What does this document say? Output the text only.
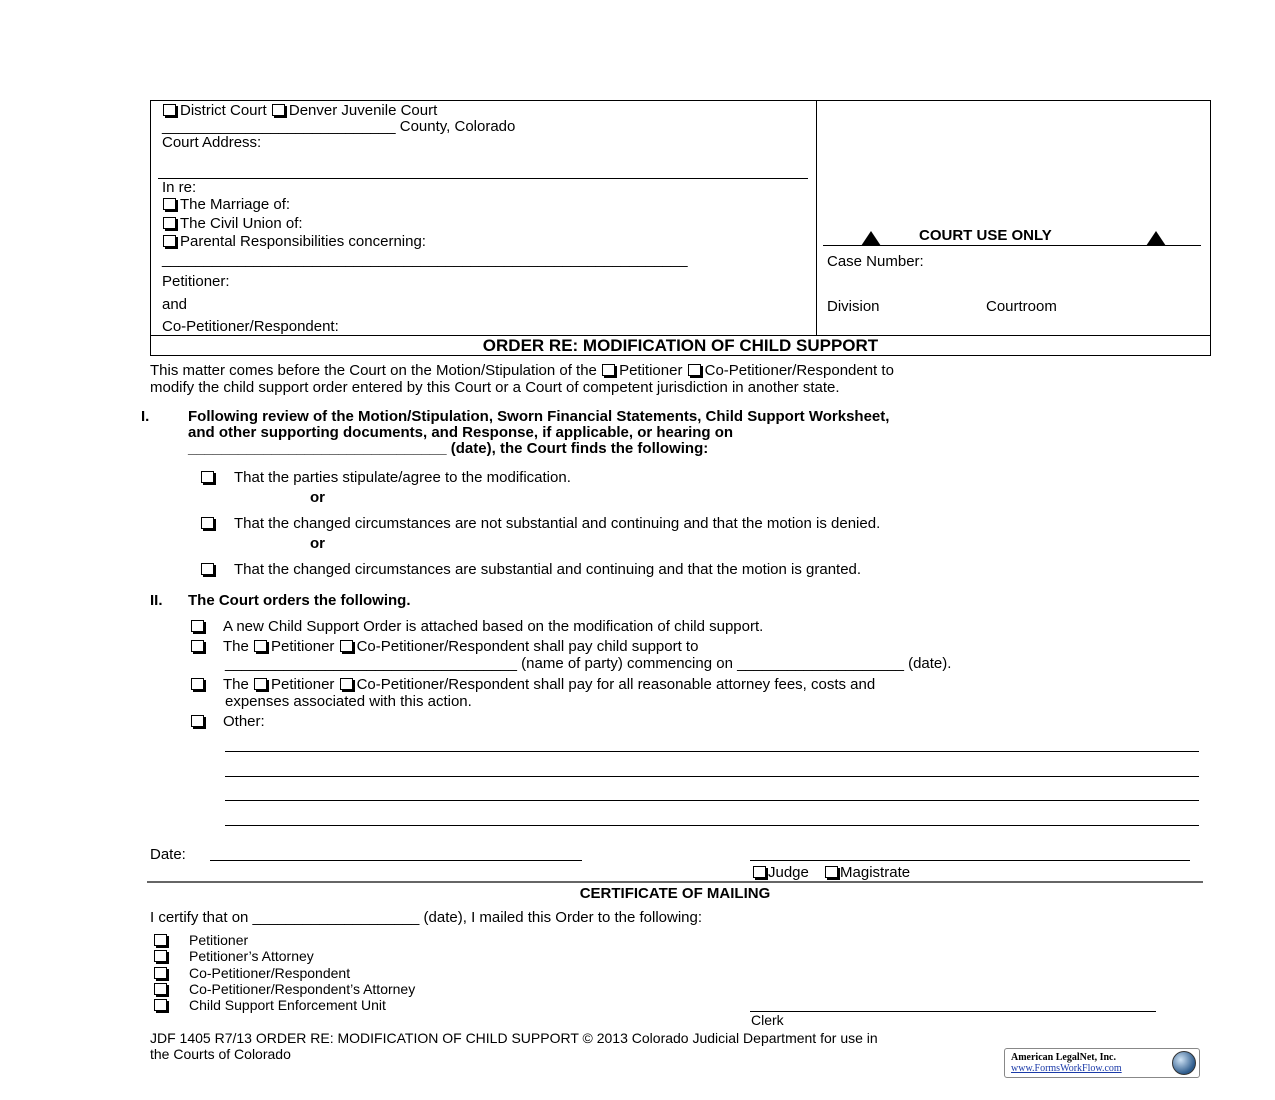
District Court Denver Juvenile Court
____________________________ County, Colorado
Court Address:
In re:
The Marriage of:
The Civil Union of:
Parental Responsibilities concerning:
_______________________________________________________________
Petitioner:
and
Co-Petitioner/Respondent:
COURT USE ONLY
Case Number:
Division	Courtroom
ORDER RE: MODIFICATION OF CHILD SUPPORT
This matter comes before the Court on the Motion/Stipulation of the Petitioner Co-Petitioner/Respondent to
modify the child support order entered by this Court or a Court of competent jurisdiction in another state.
I.	Following review of the Motion/Stipulation, Sworn Financial Statements, Child Support Worksheet,
and other supporting documents, and Response, if applicable, or hearing on
_______________________________ (date), the Court finds the following:
That the parties stipulate/agree to the modification.
or
That the changed circumstances are not substantial and continuing and that the motion is denied.
or
That the changed circumstances are substantial and continuing and that the motion is granted.
II. The Court orders the following.
A new Child Support Order is attached based on the modification of child support.
The Petitioner Co-Petitioner/Respondent shall pay child support to
___________________________________ (name of party) commencing on ____________________ (date).
The Petitioner Co-Petitioner/Respondent shall pay for all reasonable attorney fees, costs and
expenses associated with this action.
Other:
Date:
Judge Magistrate
CERTIFICATE OF MAILING
I certify that on ____________________ (date), I mailed this Order to the following:
Petitioner
Petitioner’s Attorney
Co-Petitioner/Respondent
Co-Petitioner/Respondent’s Attorney
Child Support Enforcement Unit
Clerk
JDF 1405 R7/13 ORDER RE: MODIFICATION OF CHILD SUPPORT © 2013 Colorado Judicial Department for use in
the Courts of Colorado	American LegalNet, Inc.
www.FormsWorkFlow.com
